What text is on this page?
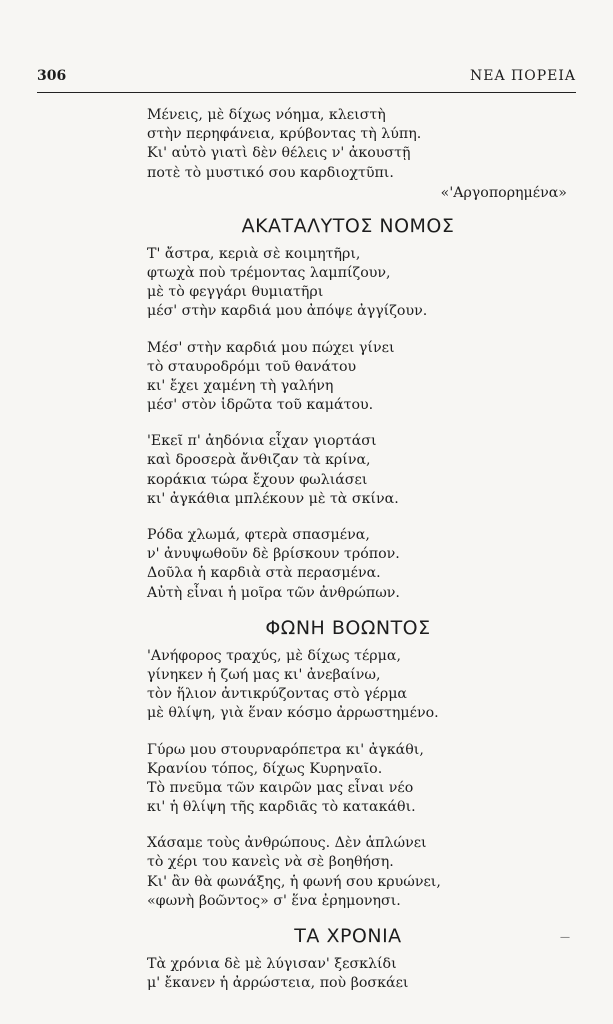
306	ΝΕΑ ΠΟΡΕΙΑ
Μένεις, μὲ δίχως νόημα, κλειστὴ
στὴν περηφάνεια, κρύβοντας τὴ λύπη.
Κι' αὐτὸ γιατὶ δὲν θέλεις ν' ἀκουστῇ
ποτὲ τὸ μυστικό σου καρδιοχτῦπι.
«'Αργοπορημένα»
ΑΚΑΤΑΛΥΤΟΣ ΝΟΜΟΣ
Τ' ἄστρα, κεριὰ σὲ κοιμητῆρι,
φτωχὰ ποὺ τρέμοντας λαμπίζουν,
μὲ τὸ φεγγάρι θυμιατῆρι
μέσ' στὴν καρδιά μου ἀπόψε ἀγγίζουν.
Μέσ' στὴν καρδιά μου πώχει γίνει
τὸ σταυροδρόμι τοῦ θανάτου
κι' ἔχει χαμένη τὴ γαλήνη
μέσ' στὸν ἱδρῶτα τοῦ καμάτου.
'Εκεῖ π' ἀηδόνια εἶχαν γιορτάσι
καὶ δροσερὰ ἄνθιζαν τὰ κρίνα,
κοράκια τώρα ἔχουν φωλιάσει
κι' ἀγκάθια μπλέκουν μὲ τὰ σκίνα.
Ρόδα χλωμά, φτερὰ σπασμένα,
ν' ἀνυψωθοῦν δὲ βρίσκουν τρόπον.
Δοῦλα ἡ καρδιὰ στὰ περασμένα.
Αὐτὴ εἶναι ἡ μοῖρα τῶν ἀνθρώπων.
ΦΩΝΗ ΒΟΩΝΤΟΣ
'Ανήφορος τραχύς, μὲ δίχως τέρμα,
γίνηκεν ἡ ζωή μας κι' ἀνεβαίνω,
τὸν ἥλιον ἀντικρύζοντας στὸ γέρμα
μὲ θλίψη, γιὰ ἕναν κόσμο ἀρρωστημένο.
Γύρω μου στουρναρόπετρα κι' ἀγκάθι,
Κρανίου τόπος, δίχως Κυρηναῖο.
Τὸ πνεῦμα τῶν καιρῶν μας εἶναι νέο
κι' ἡ θλίψη τῆς καρδιᾶς τὸ κατακάθι.
Χάσαμε τοὺς ἀνθρώπους. Δὲν ἁπλώνει
τὸ χέρι του κανεὶς νὰ σὲ βοηθήση.
Κι' ἂν θὰ φωνάξης, ἡ φωνή σου κρυώνει,
«φωνὴ βοῶντος» σ' ἕνα ἐρημονησι.
ΤΑ ΧΡΟΝΙΑ
Τὰ χρόνια δὲ μὲ λύγισαν' ξεσκλίδι
μ' ἔκανεν ἡ ἀρρώστεια, ποὺ βοσκάει
—
